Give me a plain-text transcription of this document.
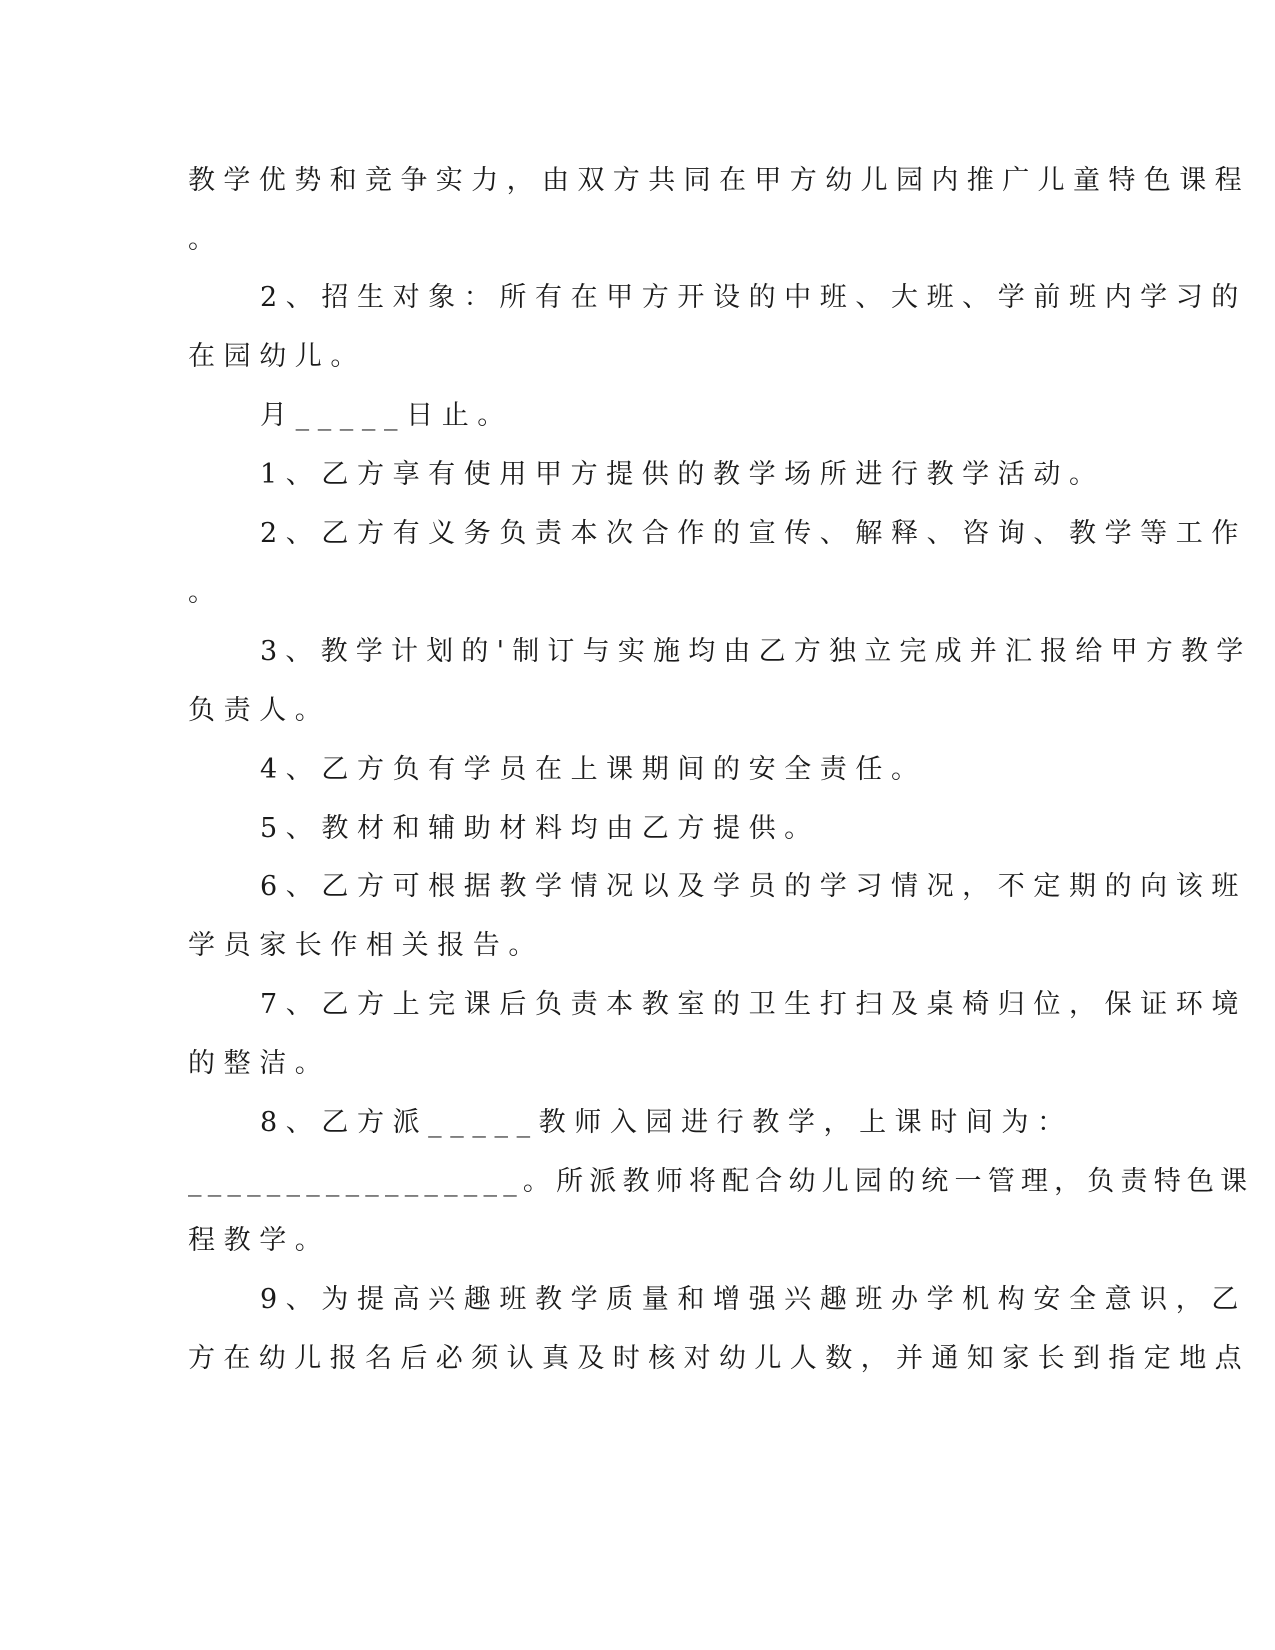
教学优势和竞争实力，由双方共同在甲方幼儿园内推广儿童特色课程
。
2、招生对象：所有在甲方开设的中班、大班、学前班内学习的
在园幼儿。
月_____日止。
1、乙方享有使用甲方提供的教学场所进行教学活动。
2、乙方有义务负责本次合作的宣传、解释、咨询、教学等工作
。
3、教学计划的'制订与实施均由乙方独立完成并汇报给甲方教学
负责人。
4、乙方负有学员在上课期间的安全责任。
5、教材和辅助材料均由乙方提供。
6、乙方可根据教学情况以及学员的学习情况，不定期的向该班
学员家长作相关报告。
7、乙方上完课后负责本教室的卫生打扫及桌椅归位，保证环境
的整洁。
8、乙方派_____教师入园进行教学，上课时间为：
_________________。所派教师将配合幼儿园的统一管理，负责特色课
程教学。
9、为提高兴趣班教学质量和增强兴趣班办学机构安全意识，乙
方在幼儿报名后必须认真及时核对幼儿人数，并通知家长到指定地点
